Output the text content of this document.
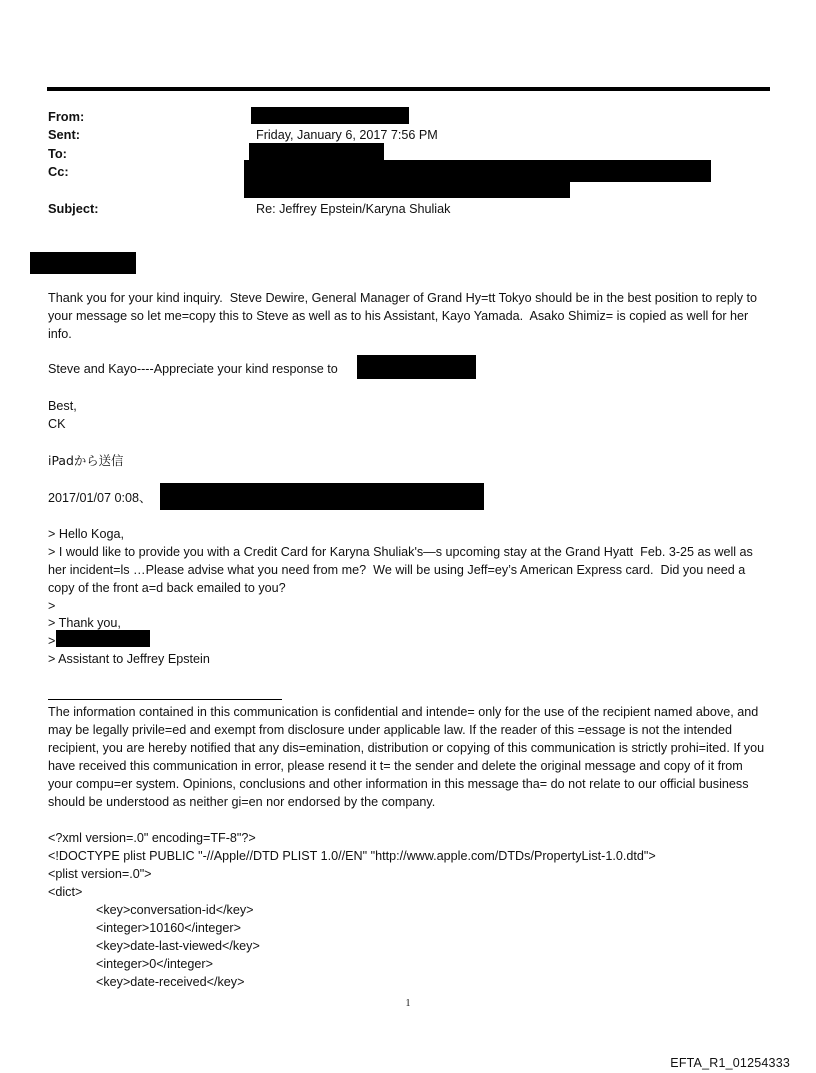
From:
Sent:	Friday, January 6, 2017 7:56 PM
To:
Cc:
Subject:	Re: Jeffrey Epstein/Karyna Shuliak
Thank you for your kind inquiry.  Steve Dewire, General Manager of Grand Hy=tt Tokyo should be in the best position to reply to your message so let me=copy this to Steve as well as to his Assistant, Kayo Yamada.  Asako Shimiz= is copied as well for her info.
Steve and Kayo----Appreciate your kind response to
Best,
CK
iPadから送信
2017/01/07 0:08、
> Hello Koga,
> I would like to provide you with a Credit Card for Karyna Shuliak's—s upcoming stay at the Grand Hyatt  Feb. 3-25 as well as her incident=ls …Please advise what you need from me?  We will be using Jeff=ey’s American Express card.  Did you need a copy of the front a=d back emailed to you?
>
> Thank you,
>
> Assistant to Jeffrey Epstein
The information contained in this communication is confidential and intende= only for the use of the recipient named above, and may be legally privile=ed and exempt from disclosure under applicable law. If the reader of this =essage is not the intended recipient, you are hereby notified that any dis=emination, distribution or copying of this communication is strictly prohi=ited. If you have received this communication in error, please resend it t= the sender and delete the original message and copy of it from your compu=er system. Opinions, conclusions and other information in this message tha= do not relate to our official business should be understood as neither gi=en nor endorsed by the company.
<?xml version=.0" encoding=TF-8"?>
<!DOCTYPE plist PUBLIC "-//Apple//DTD PLIST 1.0//EN" "http://www.apple.com/DTDs/PropertyList-1.0.dtd">
<plist version=.0">
<dict>
<key>conversation-id</key>
<integer>10160</integer>
<key>date-last-viewed</key>
<integer>0</integer>
<key>date-received</key>
1
EFTA_R1_01254333
